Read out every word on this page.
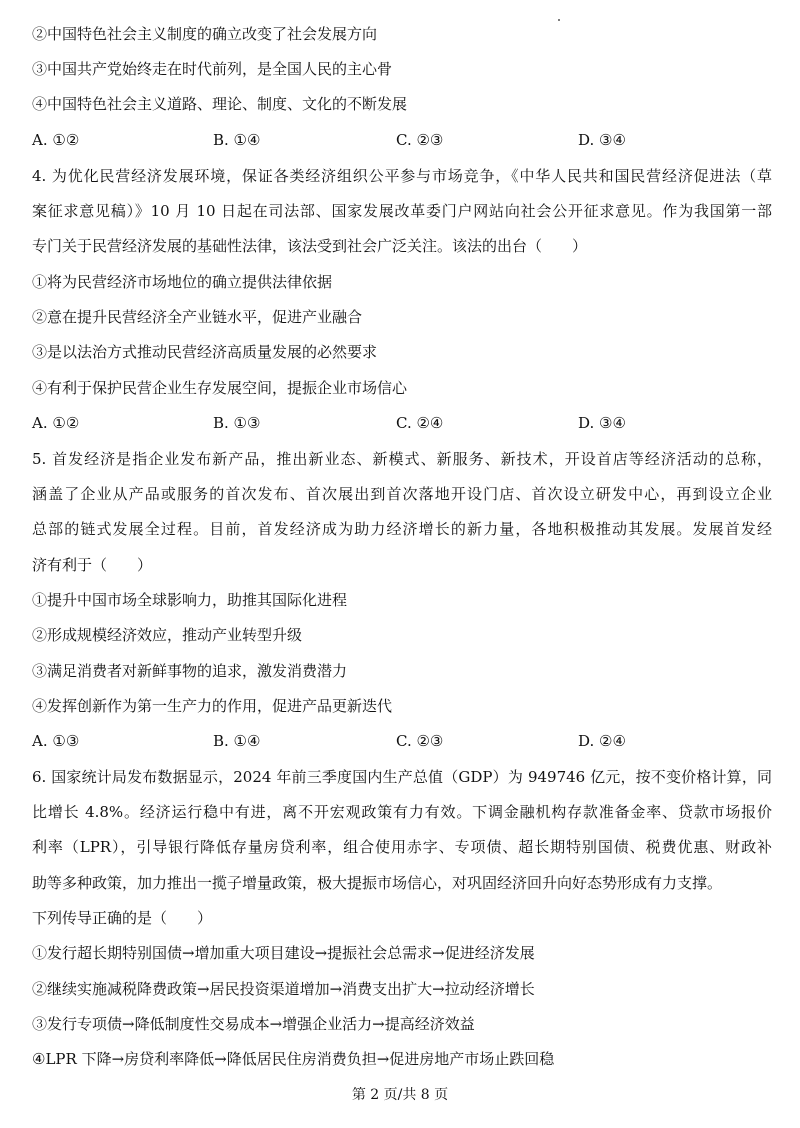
②中国特色社会主义制度的确立改变了社会发展方向
③中国共产党始终走在时代前列，是全国人民的主心骨
④中国特色社会主义道路、理论、制度、文化的不断发展
A. ①②	B. ①④	C. ②③	D. ③④
4. 为优化民营经济发展环境，保证各类经济组织公平参与市场竞争，《中华人民共和国民营经济促进法（草
案征求意见稿）》10 月 10 日起在司法部、国家发展改革委门户网站向社会公开征求意见。作为我国第一部
专门关于民营经济发展的基础性法律，该法受到社会广泛关注。该法的出台（　　）
①将为民营经济市场地位的确立提供法律依据
②意在提升民营经济全产业链水平，促进产业融合
③是以法治方式推动民营经济高质量发展的必然要求
④有利于保护民营企业生存发展空间，提振企业市场信心
A. ①②	B. ①③	C. ②④	D. ③④
5. 首发经济是指企业发布新产品，推出新业态、新模式、新服务、新技术，开设首店等经济活动的总称，
涵盖了企业从产品或服务的首次发布、首次展出到首次落地开设门店、首次设立研发中心，再到设立企业
总部的链式发展全过程。目前，首发经济成为助力经济增长的新力量，各地积极推动其发展。发展首发经
济有利于（　　）
①提升中国市场全球影响力，助推其国际化进程
②形成规模经济效应，推动产业转型升级
③满足消费者对新鲜事物的追求，激发消费潜力
④发挥创新作为第一生产力的作用，促进产品更新迭代
A. ①③	B. ①④	C. ②③	D. ②④
6. 国家统计局发布数据显示，2024 年前三季度国内生产总值（GDP）为 949746 亿元，按不变价格计算，同
比增长 4.8%。经济运行稳中有进，离不开宏观政策有力有效。下调金融机构存款准备金率、贷款市场报价
利率（LPR），引导银行降低存量房贷利率，组合使用赤字、专项债、超长期特别国债、税费优惠、财政补
助等多种政策，加力推出一揽子增量政策，极大提振市场信心，对巩固经济回升向好态势形成有力支撑。
下列传导正确的是（　　）
①发行超长期特别国债→增加重大项目建设→提振社会总需求→促进经济发展
②继续实施减税降费政策→居民投资渠道增加→消费支出扩大→拉动经济增长
③发行专项债→降低制度性交易成本→增强企业活力→提高经济效益
④LPR 下降→房贷利率降低→降低居民住房消费负担→促进房地产市场止跌回稳
第 2 页/共 8 页
